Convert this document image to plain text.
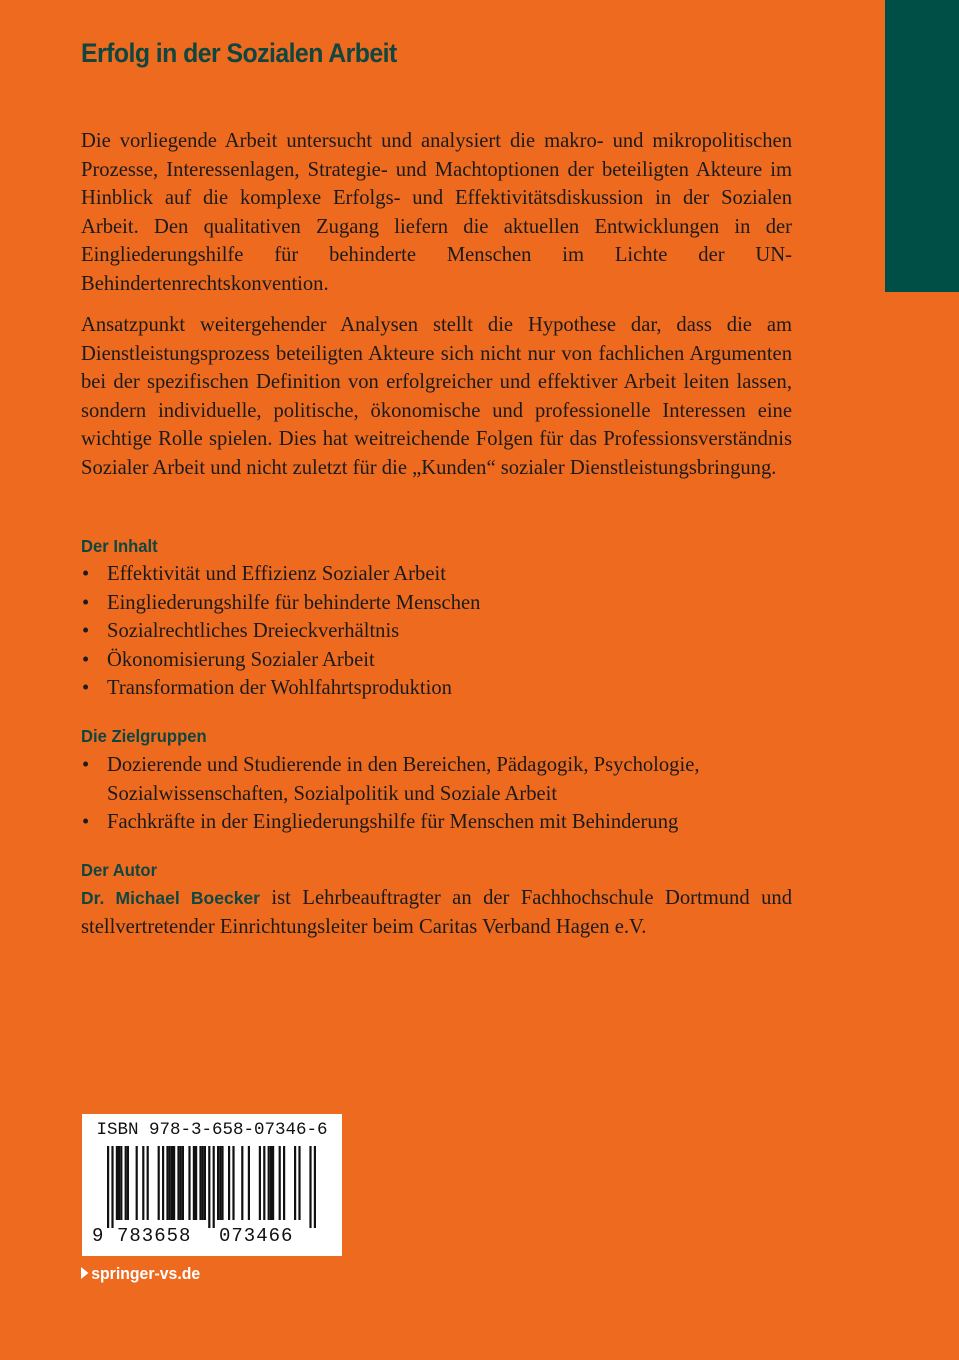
Erfolg in der Sozialen Arbeit

Die vorliegende Arbeit untersucht und analysiert die makro- und mikropolitischen Prozesse, Interessenlagen, Strategie- und Machtoptionen der beteiligten Akteure im Hinblick auf die komplexe Erfolgs- und Effektivitätsdiskussion in der Sozialen Arbeit. Den qualitativen Zugang liefern die aktuellen Entwicklungen in der Eingliederungshilfe für behinderte Menschen im Lichte der UN-Behindertenrechtskonvention.

Ansatzpunkt weitergehender Analysen stellt die Hypothese dar, dass die am Dienstleistungsprozess beteiligten Akteure sich nicht nur von fachlichen Argumenten bei der spezifischen Definition von erfolgreicher und effektiver Arbeit leiten lassen, sondern individuelle, politische, ökonomische und professionelle Interessen eine wichtige Rolle spielen. Dies hat weitreichende Folgen für das Professionsverständnis Sozialer Arbeit und nicht zuletzt für die „Kunden“ sozialer Dienstleistungsbringung.

Der Inhalt
• Effektivität und Effizienz Sozialer Arbeit
• Eingliederungshilfe für behinderte Menschen
• Sozialrechtliches Dreieckverhältnis
• Ökonomisierung Sozialer Arbeit
• Transformation der Wohlfahrtsproduktion
Die Zielgruppen
• Dozierende und Studierende in den Bereichen, Pädagogik, Psychologie, Sozialwissenschaften, Sozialpolitik und Soziale Arbeit
• Fachkräfte in der Eingliederungshilfe für Menschen mit Behinderung
Der Autor

Dr. Michael Boecker ist Lehrbeauftragter an der Fachhochschule Dortmund und stellvertretender Einrichtungsleiter beim Caritas Verband Hagen e.V.

ISBN 978-3-658-07346-6
9 783658 073466
springer-vs.de
